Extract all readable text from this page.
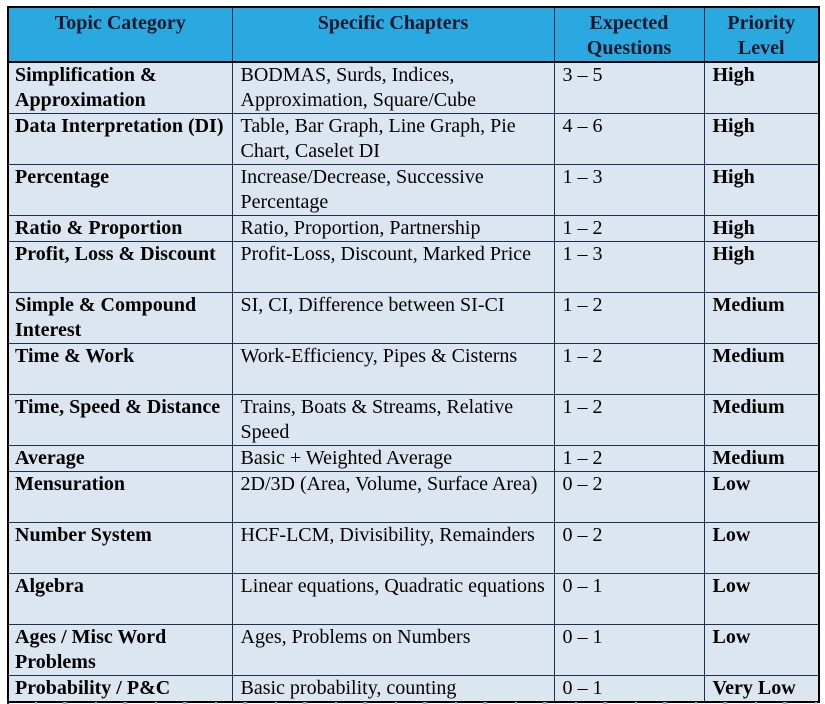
Topic Category	Specific Chapters	Expected Questions	Priority Level
Simplification & Approximation	BODMAS, Surds, Indices, Approximation, Square/Cube	3 – 5	High
Data Interpretation (DI)	Table, Bar Graph, Line Graph, Pie Chart, Caselet DI	4 – 6	High
Percentage	Increase/Decrease, Successive Percentage	1 – 3	High
Ratio & Proportion	Ratio, Proportion, Partnership	1 – 2	High
Profit, Loss & Discount	Profit-Loss, Discount, Marked Price	1 – 3	High
Simple & Compound Interest	SI, CI, Difference between SI-CI	1 – 2	Medium
Time & Work	Work-Efficiency, Pipes & Cisterns	1 – 2	Medium
Time, Speed & Distance	Trains, Boats & Streams, Relative Speed	1 – 2	Medium
Average	Basic + Weighted Average	1 – 2	Medium
Mensuration	2D/3D (Area, Volume, Surface Area)	0 – 2	Low
Number System	HCF-LCM, Divisibility, Remainders	0 – 2	Low
Algebra	Linear equations, Quadratic equations	0 – 1	Low
Ages / Misc Word Problems	Ages, Problems on Numbers	0 – 1	Low
Probability / P&C	Basic probability, counting	0 – 1	Very Low
